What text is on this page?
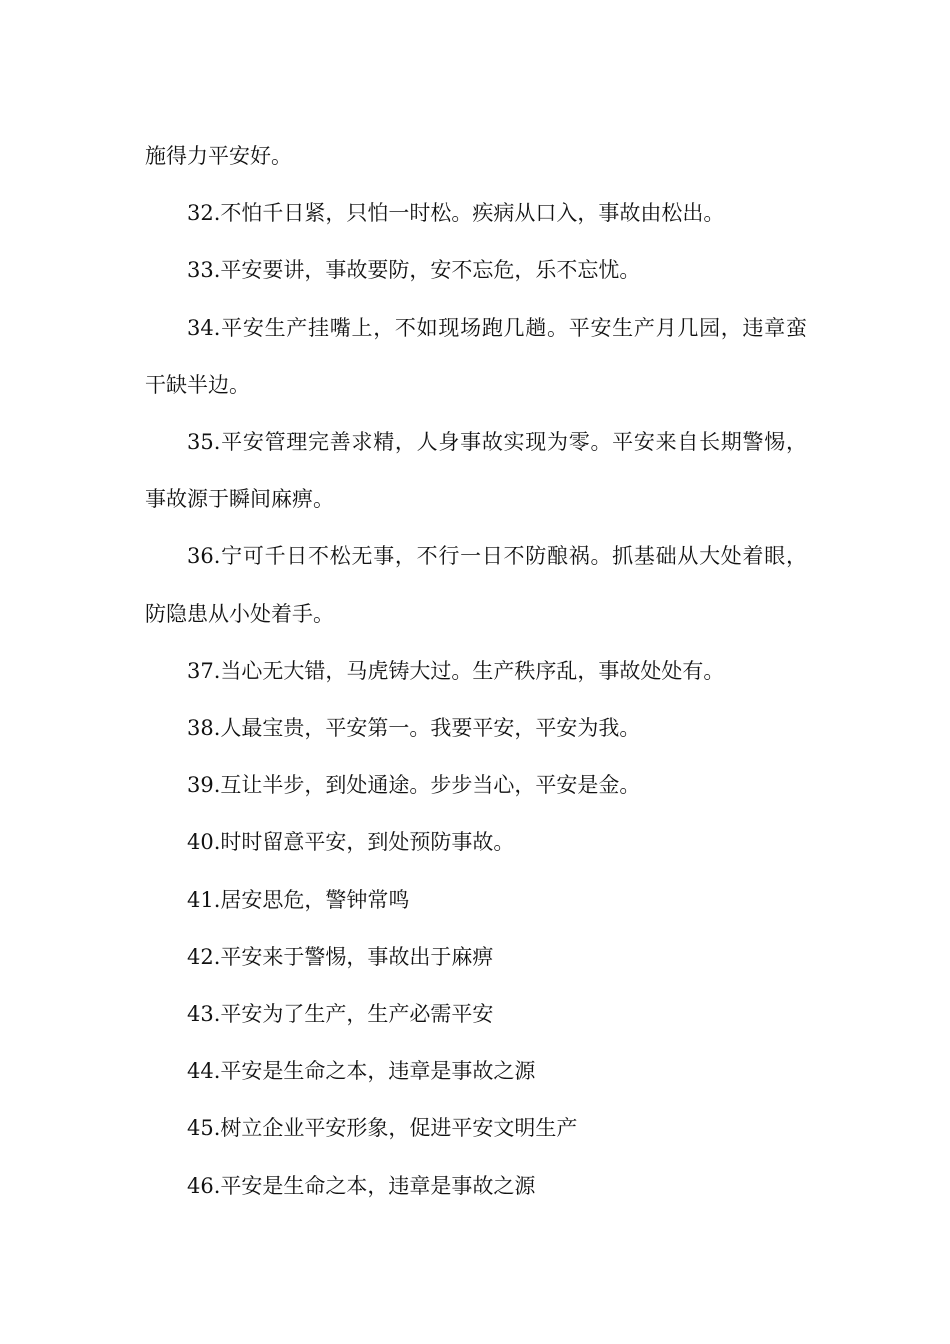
施得力平安好。

32.不怕千日紧，只怕一时松。疾病从口入，事故由松出。

33.平安要讲，事故要防，安不忘危，乐不忘忧。

34.平安生产挂嘴上，不如现场跑几趟。平安生产月几园，违章蛮干缺半边。

35.平安管理完善求精，人身事故实现为零。平安来自长期警惕，事故源于瞬间麻痹。

36.宁可千日不松无事，不行一日不防酿祸。抓基础从大处着眼，防隐患从小处着手。

37.当心无大错，马虎铸大过。生产秩序乱，事故处处有。

38.人最宝贵，平安第一。我要平安，平安为我。

39.互让半步，到处通途。步步当心，平安是金。

40.时时留意平安，到处预防事故。

41.居安思危，警钟常鸣

42.平安来于警惕，事故出于麻痹

43.平安为了生产，生产必需平安

44.平安是生命之本，违章是事故之源

45.树立企业平安形象，促进平安文明生产

46.平安是生命之本，违章是事故之源
